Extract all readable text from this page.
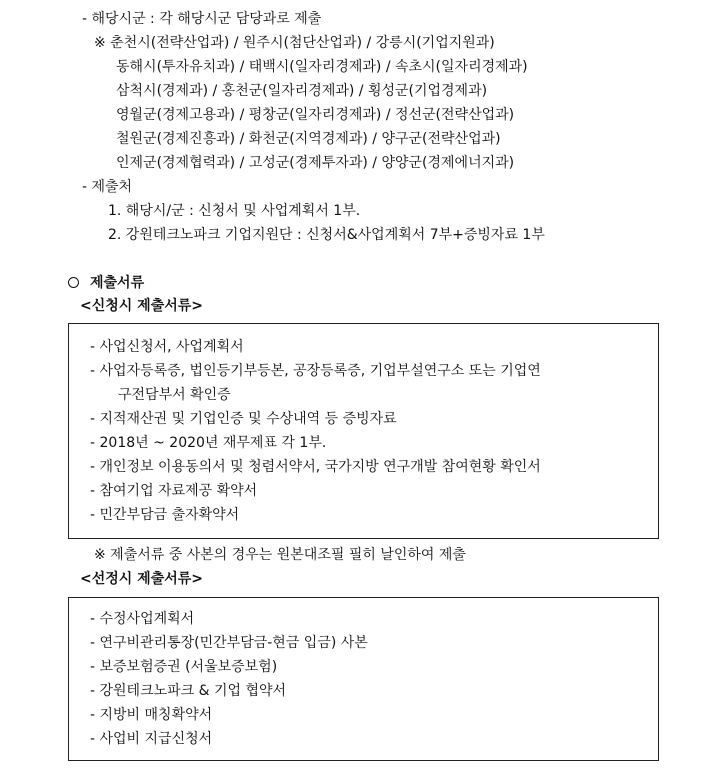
- 해당시군 : 각 해당시군 담당과로 제출
※ 춘천시(전략산업과) / 원주시(첨단산업과) / 강릉시(기업지원과)
동해시(투자유치과) / 태백시(일자리경제과) / 속초시(일자리경제과)
삼척시(경제과) / 홍천군(일자리경제과) / 횡성군(기업경제과)
영월군(경제고용과) / 평창군(일자리경제과) / 정선군(전략산업과)
철원군(경제진흥과) / 화천군(지역경제과) / 양구군(전략산업과)
인제군(경제협력과) / 고성군(경제투자과) / 양양군(경제에너지과)
- 제출처
1. 해당시/군 : 신청서 및 사업계획서 1부.
2. 강원테크노파크 기업지원단 : 신청서&사업계획서 7부+증빙자료 1부
제출서류
<신청시 제출서류>
- 사업신청서, 사업계획서
- 사업자등록증, 법인등기부등본, 공장등록증, 기업부설연구소 또는 기업연
구전담부서 확인증
- 지적재산권 및 기업인증 및 수상내역 등 증빙자료
- 2018년 ~ 2020년 재무제표 각 1부.
- 개인정보 이용동의서 및 청렴서약서, 국가지방 연구개발 참여현황 확인서
- 참여기업 자료제공 확약서
- 민간부담금 출자확약서
※ 제출서류 중 사본의 경우는 원본대조필 필히 날인하여 제출
<선정시 제출서류>
- 수정사업계획서
- 연구비관리통장(민간부담금-현금 입금) 사본
- 보증보험증권 (서울보증보험)
- 강원테크노파크 & 기업 협약서
- 지방비 매칭확약서
- 사업비 지급신청서
